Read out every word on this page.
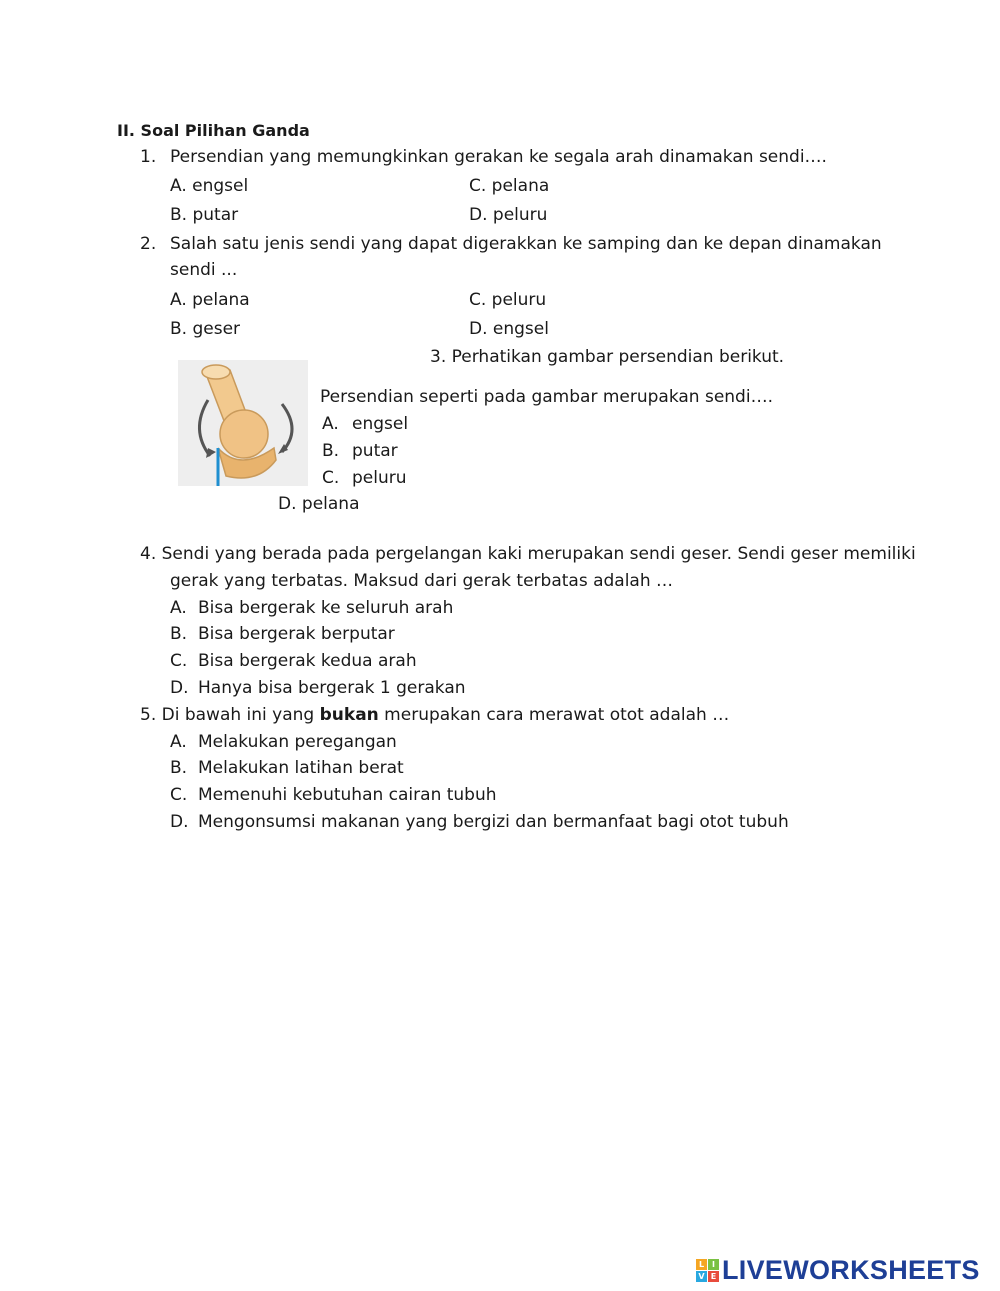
II. Soal Pilihan Ganda
1. Persendian yang memungkinkan gerakan ke segala arah dinamakan sendi….
A. engsel	C. pelana
B. putar	D. peluru
2. Salah satu jenis sendi yang dapat digerakkan ke samping dan ke depan dinamakan
sendi ...
A. pelana	C. peluru
B. geser	D. engsel
3. Perhatikan gambar persendian berikut.
Persendian seperti pada gambar merupakan sendi….
A. engsel
B. putar
C. peluru
D. pelana
4. Sendi yang berada pada pergelangan kaki merupakan sendi geser. Sendi geser memiliki
gerak yang terbatas. Maksud dari gerak terbatas adalah …
A. Bisa bergerak ke seluruh arah
B. Bisa bergerak berputar
C. Bisa bergerak kedua arah
D. Hanya bisa bergerak 1 gerakan
5. Di bawah ini yang bukan merupakan cara merawat otot adalah …
A. Melakukan peregangan
B. Melakukan latihan berat
C. Memenuhi kebutuhan cairan tubuh
D. Mengonsumsi makanan yang bergizi dan bermanfaat bagi otot tubuh
L I
V E LIVEWORKSHEETS
